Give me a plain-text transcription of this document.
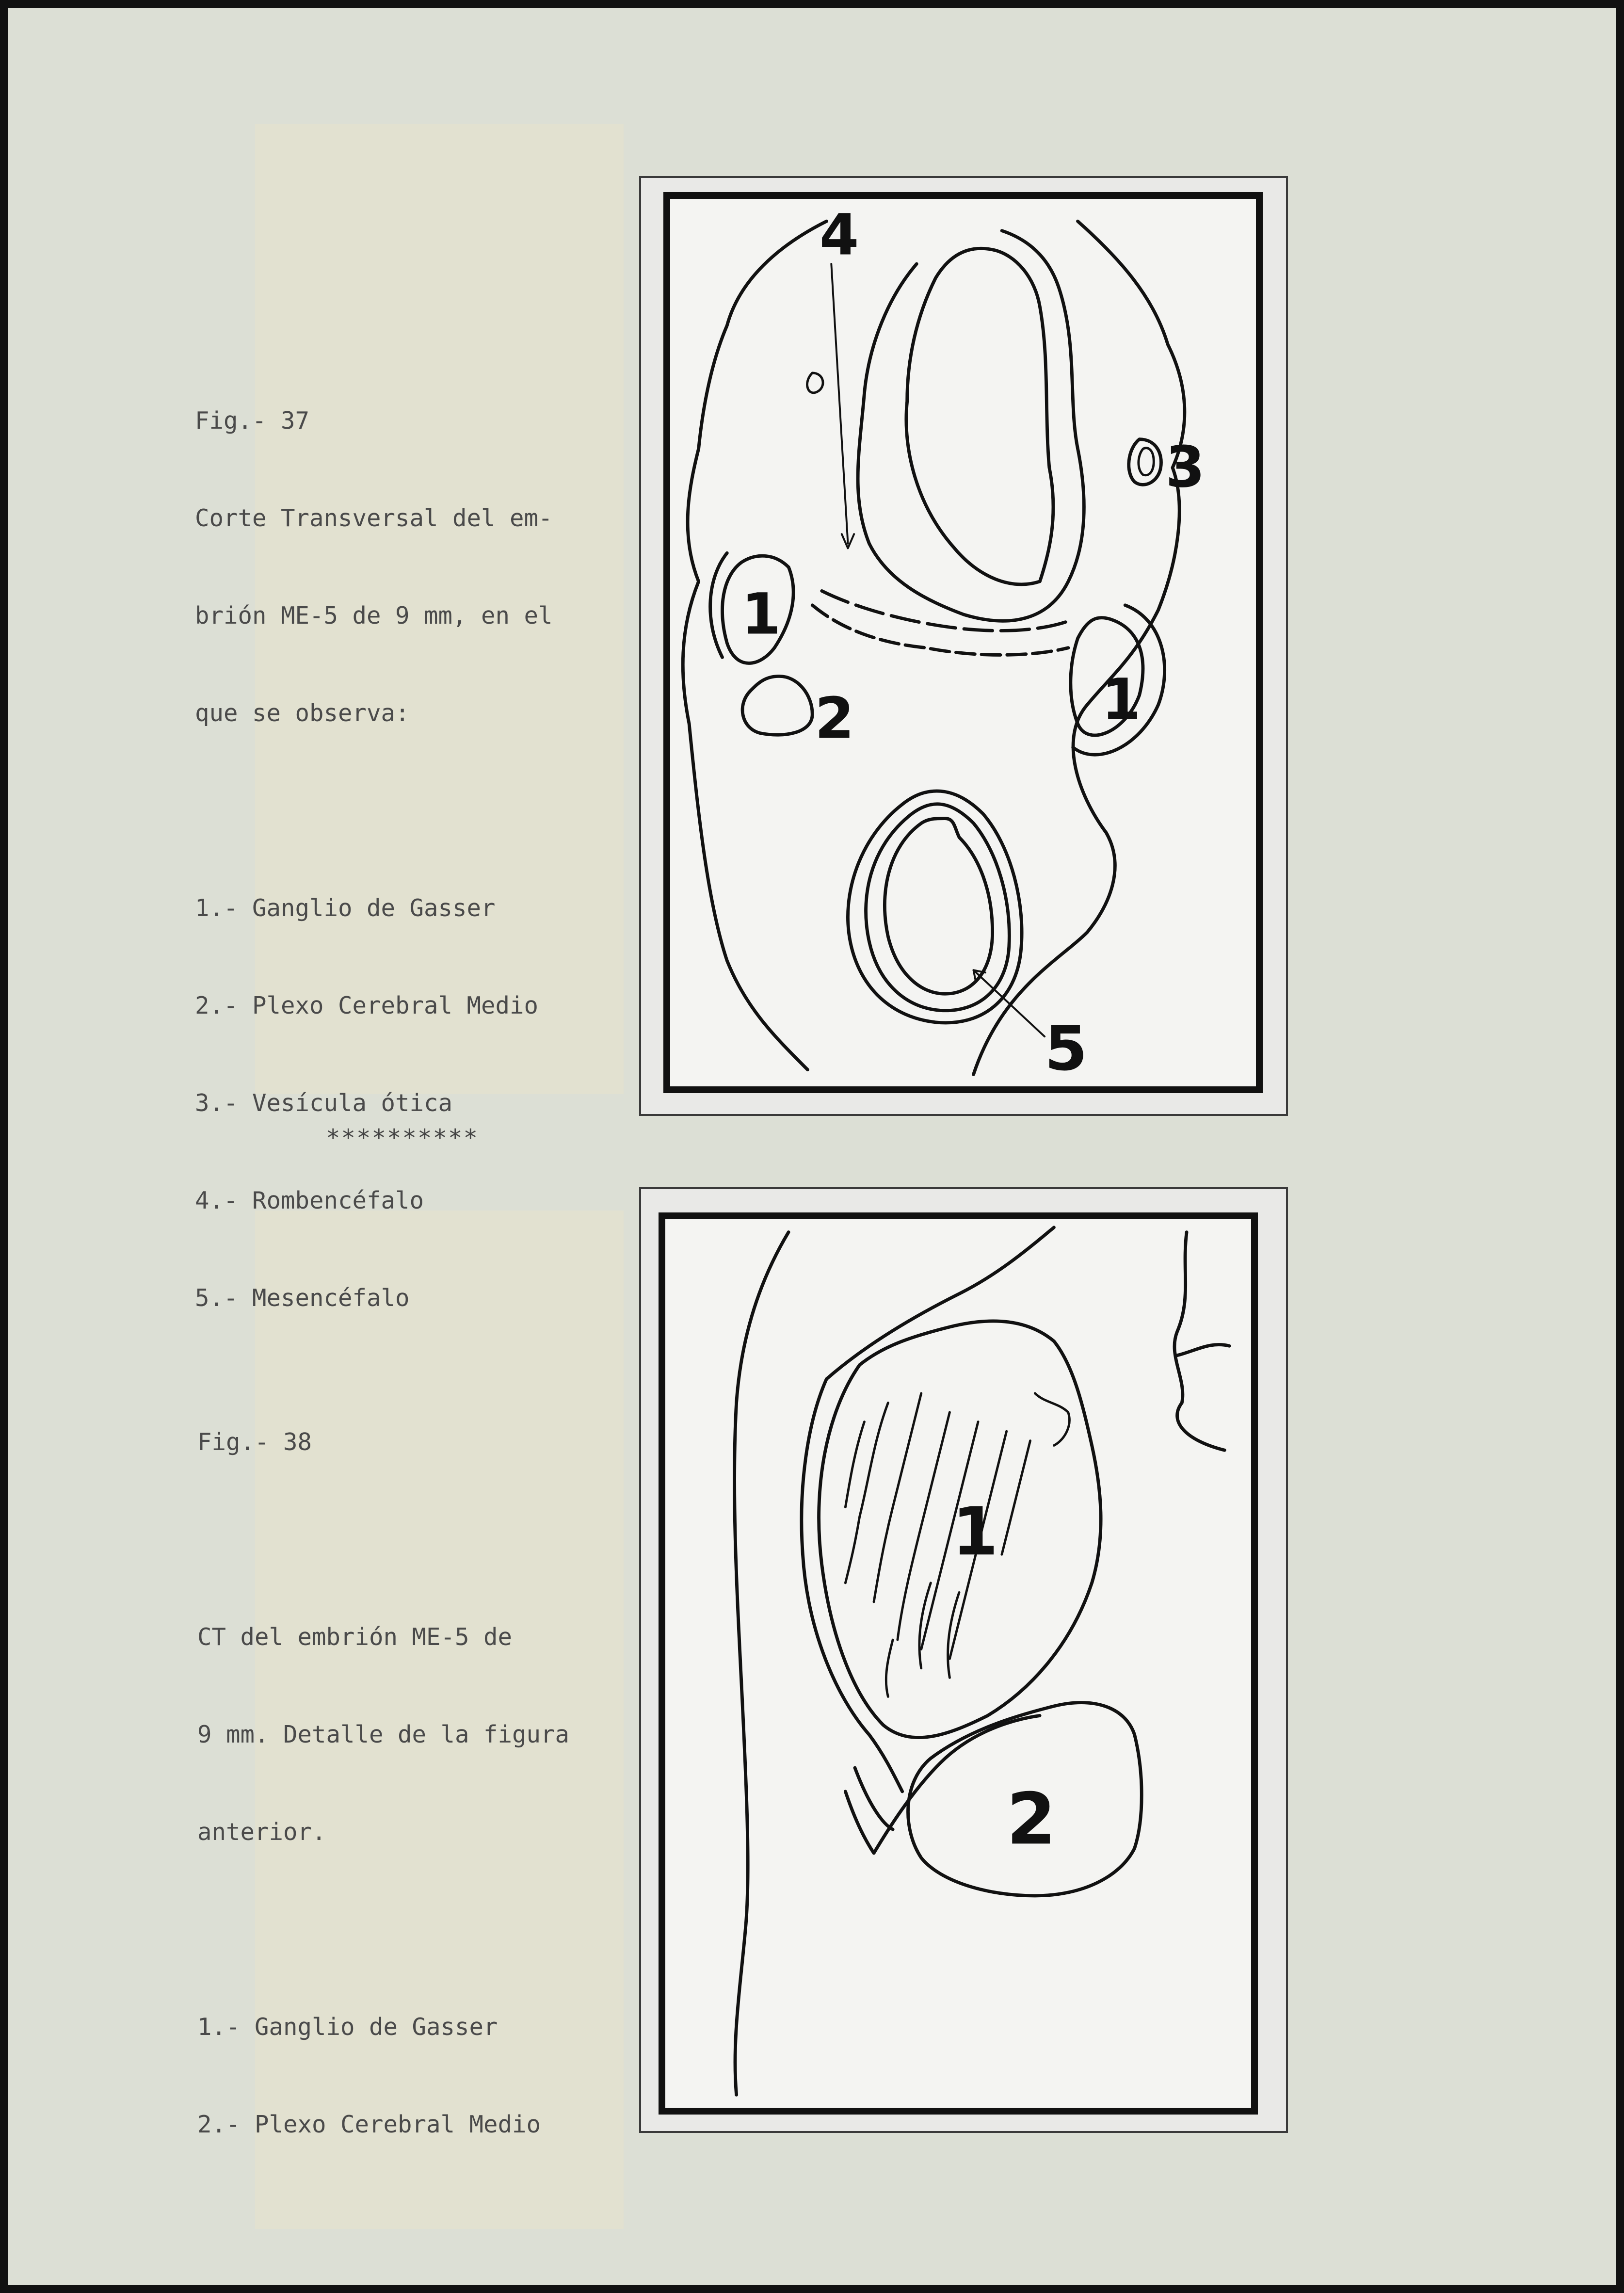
Fig.- 37

Corte Transversal del em-

brión ME-5 de 9 mm, en el

que se observa:

1.- Ganglio de Gasser

2.- Plexo Cerebral Medio

3.- Vesícula ótica

4.- Rombencéfalo

5.- Mesencéfalo

**********

Fig.- 38

CT del embrión ME-5 de

9 mm. Detalle de la figura

anterior.

1.- Ganglio de Gasser

2.- Plexo Cerebral Medio

4
3
1
2	1
5
1
2
